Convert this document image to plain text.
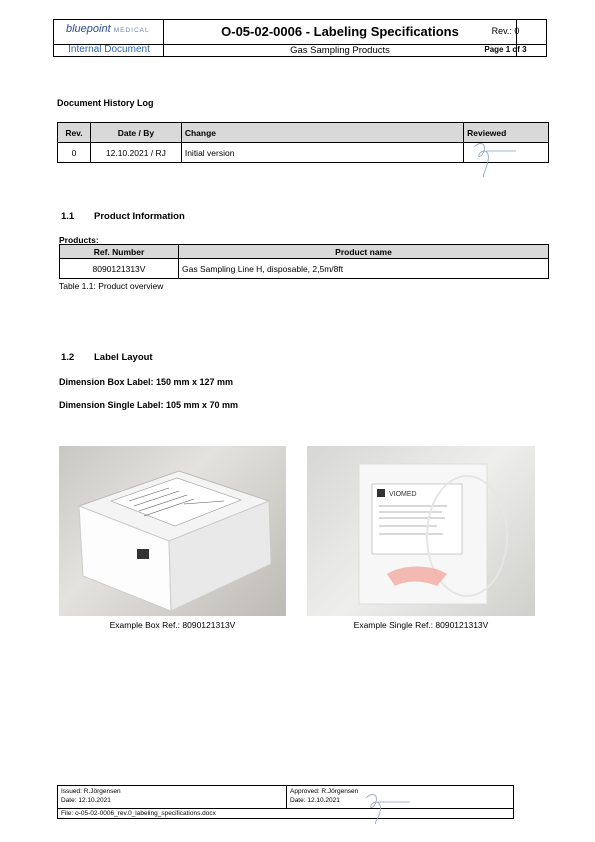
bluepoint MEDICAL
Internal Document
O-05-02-0006 - Labeling Specifications
Gas Sampling Products
Rev.: 0
Page 1 of 3
Document History Log
Rev.	Date / By	Change	Reviewed
0	12.10.2021 / RJ	Initial version	
1.1 Product Information
Products:
Ref. Number	Product name
8090121313V	Gas Sampling Line H, disposable, 2,5m/8ft
Table 1.1: Product overview
1.2 Label Layout
Dimension Box Label: 150 mm x 127 mm
Dimension Single Label: 105 mm x 70 mm
Example Box Ref.: 8090121313V
VIOMED
Example Single Ref.: 8090121313V
Issued: R.Jörgensen
Date: 12.10.2021
Approved: R.Jörgensen
Date: 12.10.2021
File: o-05-02-0006_rev.0_labeling_specifications.docx
